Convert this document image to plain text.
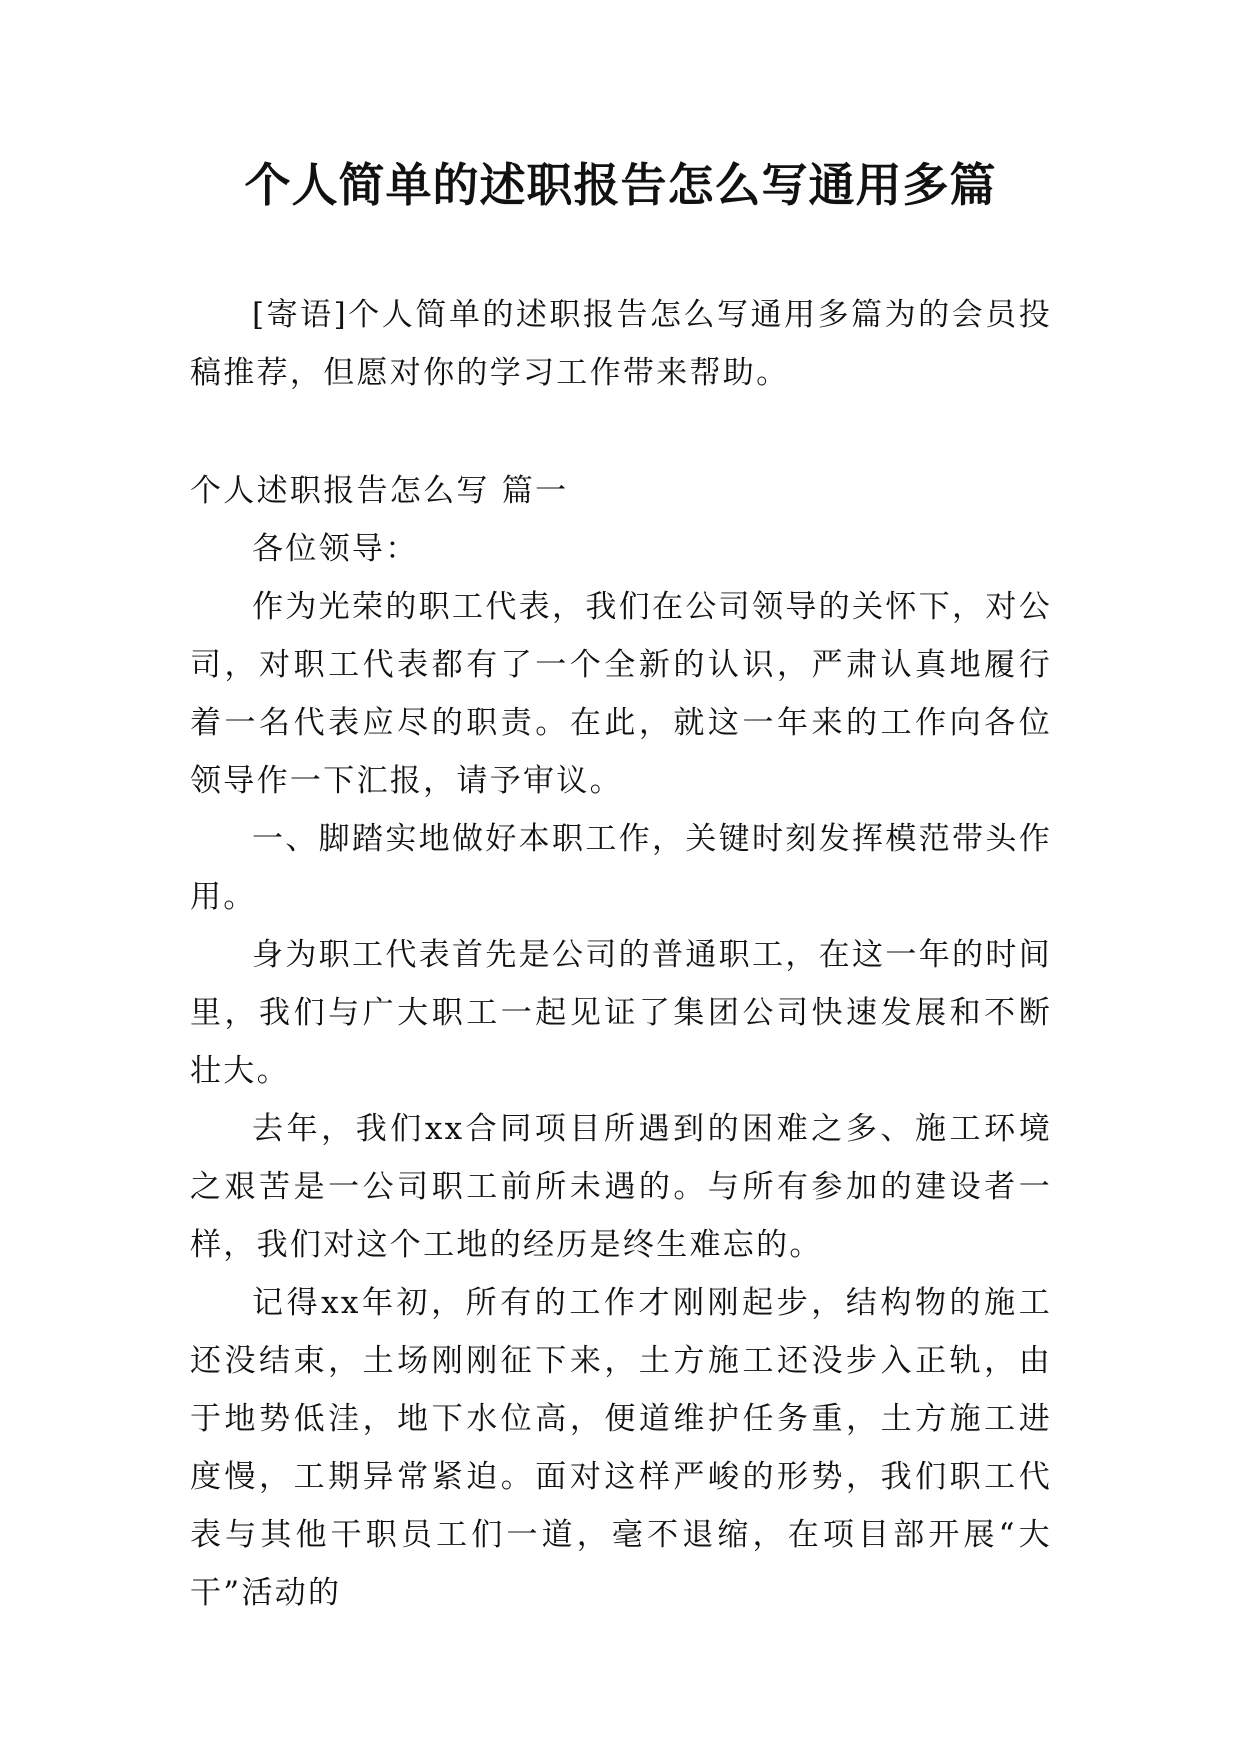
个人简单的述职报告怎么写通用多篇

[寄语]个人简单的述职报告怎么写通用多篇为的会员投稿推荐，但愿对你的学习工作带来帮助。

个人述职报告怎么写 篇一

各位领导：

作为光荣的职工代表，我们在公司领导的关怀下，对公司，对职工代表都有了一个全新的认识，严肃认真地履行着一名代表应尽的职责。在此，就这一年来的工作向各位领导作一下汇报，请予审议。

一、脚踏实地做好本职工作，关键时刻发挥模范带头作用。

身为职工代表首先是公司的普通职工，在这一年的时间里，我们与广大职工一起见证了集团公司快速发展和不断壮大。

去年，我们xx合同项目所遇到的困难之多、施工环境之艰苦是一公司职工前所未遇的。与所有参加的建设者一样，我们对这个工地的经历是终生难忘的。

记得xx年初，所有的工作才刚刚起步，结构物的施工还没结束，土场刚刚征下来，土方施工还没步入正轨，由于地势低洼，地下水位高，便道维护任务重，土方施工进度慢，工期异常紧迫。面对这样严峻的形势，我们职工代表与其他干职员工们一道，毫不退缩，在项目部开展“大干”活动的
